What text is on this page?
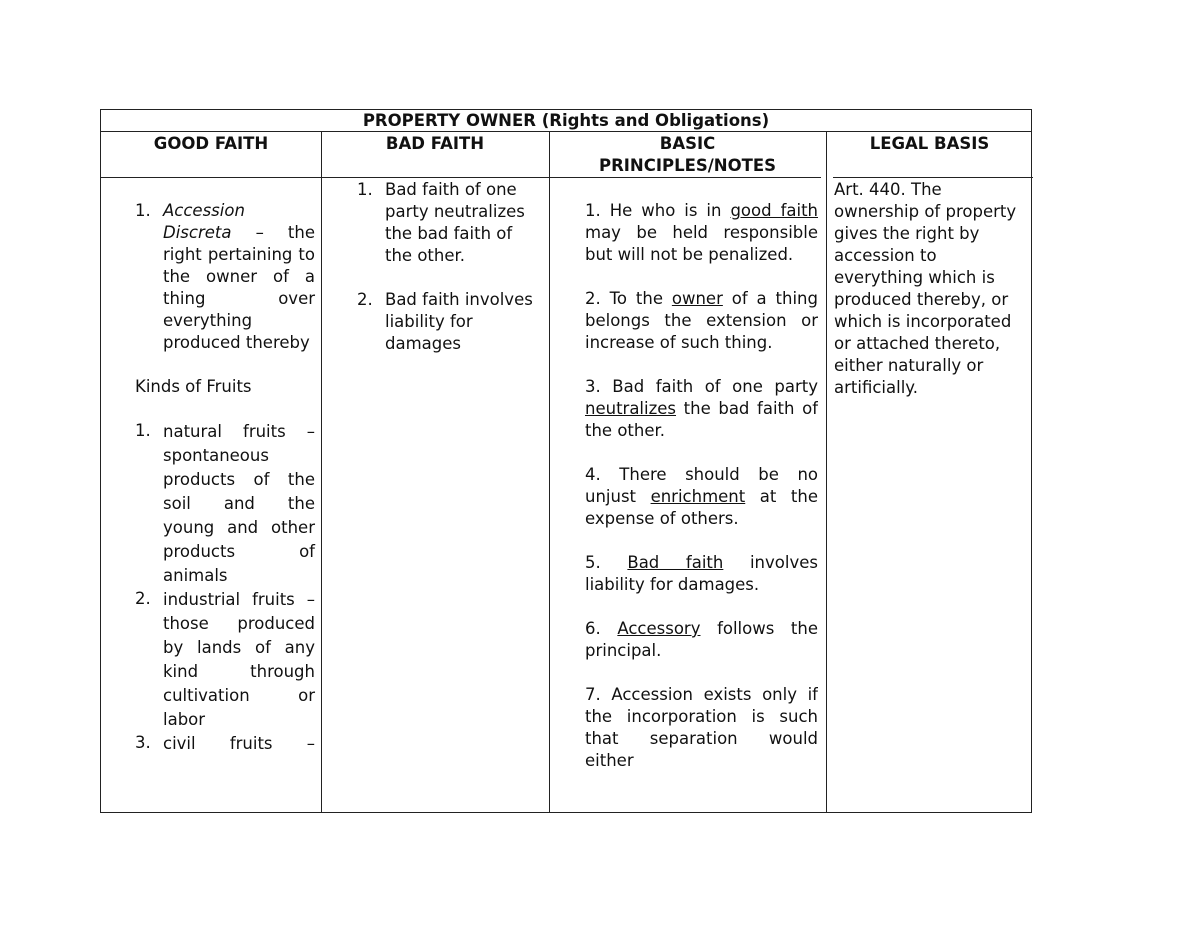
PROPERTY OWNER (Rights and Obligations)
GOOD FAITH	BAD FAITH	BASIC
PRINCIPLES/NOTES
LEGAL BASIS
1. Accession Discreta – the right pertaining to the owner of a thing over everything produced thereby
Kinds of Fruits
1. natural fruits – spontaneous products of the soil and the young and other products of animals
2. industrial fruits – those produced by lands of any kind through cultivation or labor
3. civil fruits –
1. Bad faith of one party neutralizes the bad faith of the other.
2. Bad faith involves liability for damages
1. He who is in good faith may be held responsible but will not be penalized.
2. To the owner of a thing belongs the extension or increase of such thing.
3. Bad faith of one party neutralizes the bad faith of the other.
4. There should be no unjust enrichment at the expense of others.
5. Bad faith involves liability for damages.
6. Accessory follows the principal.
7. Accession exists only if the incorporation is such that separation would either
Art. 440. The ownership of property gives the right by accession to everything which is produced thereby, or which is incorporated or attached thereto, either naturally or artificially.
